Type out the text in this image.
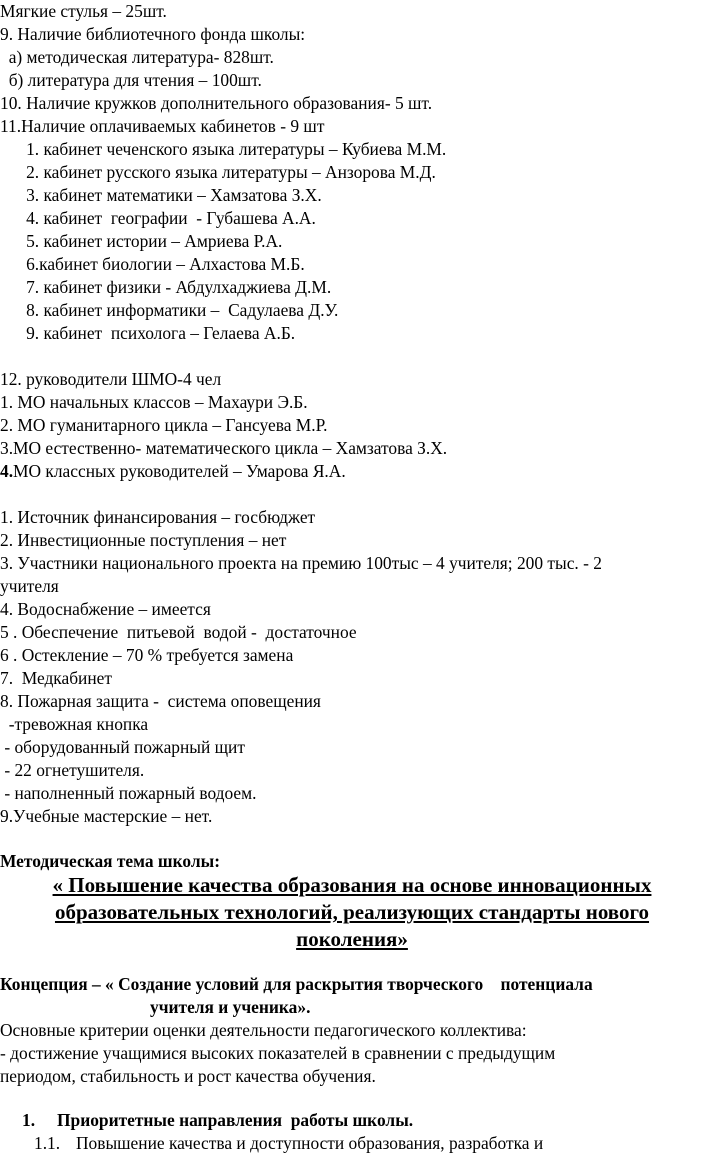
Мягкие стулья – 25шт.
9. Наличие библиотечного фонда школы:
а) методическая литература- 828шт.
б) литература для чтения – 100шт.
10. Наличие кружков дополнительного образования- 5 шт.
11.Наличие оплачиваемых кабинетов - 9 шт
1. кабинет чеченского языка литературы – Кубиева М.М.
2. кабинет русского языка литературы – Анзорова М.Д.
3. кабинет математики – Хамзатова З.Х.
4. кабинет  географии  - Губашева А.А.
5. кабинет истории – Амриева Р.А.
6.кабинет биологии – Алхастова М.Б.
7. кабинет физики - Абдулхаджиева Д.М.
8. кабинет информатики –  Садулаева Д.У.
9. кабинет  психолога – Гелаева А.Б.
12. руководители ШМО-4 чел
1. МО начальных классов – Махаури Э.Б.
2. МО гуманитарного цикла – Гансуева М.Р.
3.МО естественно- математического цикла – Хамзатова З.Х.
4.МО классных руководителей – Умарова Я.А.
1. Источник финансирования – госбюджет
2. Инвестиционные поступления – нет
3. Участники национального проекта на премию 100тыс – 4 учителя; 200 тыс. - 2
учителя
4. Водоснабжение – имеется
5 . Обеспечение  питьевой  водой -  достаточное
6 . Остекление – 70 % требуется замена
7.  Медкабинет
8. Пожарная защита -  система оповещения
-тревожная кнопка
- оборудованный пожарный щит
- 22 огнетушителя.
- наполненный пожарный водоем.
9.Учебные мастерские – нет.
Методическая тема школы:
« Повышение качества образования на основе инновационных
образовательных технологий, реализующих стандарты нового
поколения»
Концепция – « Создание условий для раскрытия творческого    потенциала
учителя и ученика».
Основные критерии оценки деятельности педагогического коллектива:
- достижение учащимися высоких показателей в сравнении с предыдущим
периодом, стабильность и рост качества обучения.
1. Приоритетные направления  работы школы.
1.1. Повышение качества и доступности образования, разработка и
